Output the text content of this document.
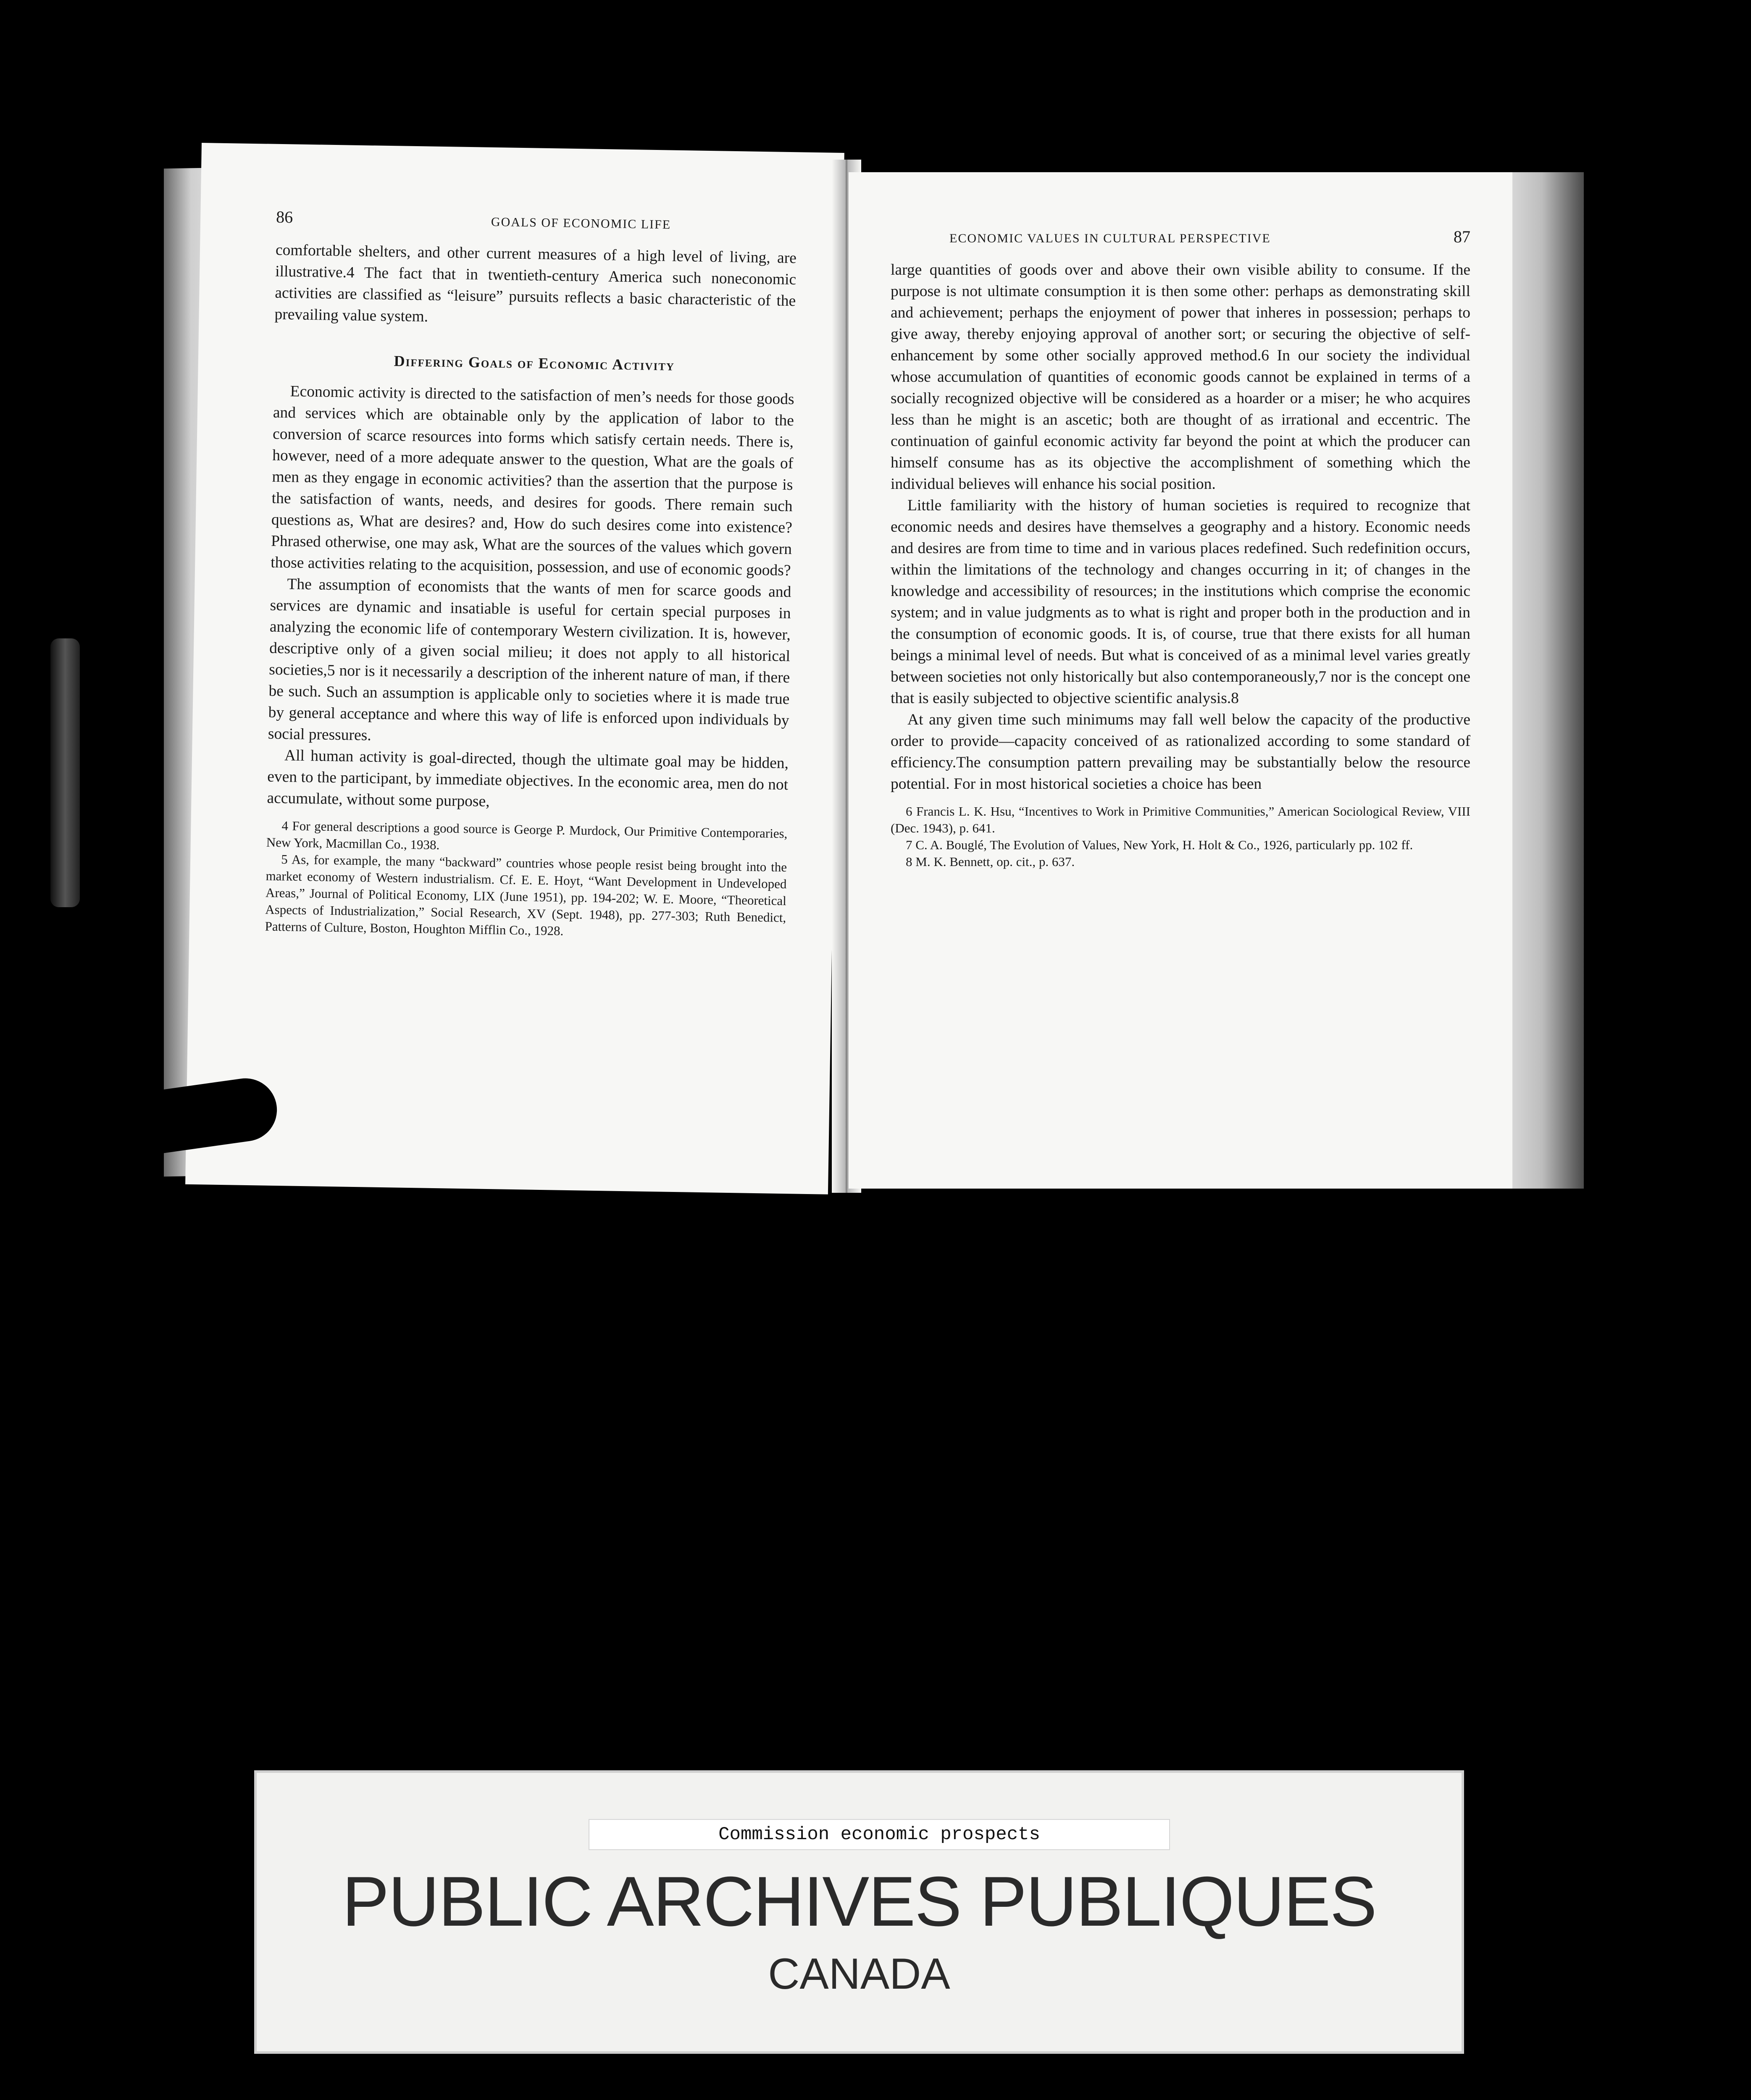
86	GOALS OF ECONOMIC LIFE

comfortable shelters, and other current measures of a high level of living, are illustrative.4 The fact that in twentieth-century America such noneconomic activities are classified as “leisure” pursuits reflects a basic characteristic of the prevailing value system.

Differing Goals of Economic Activity

Economic activity is directed to the satisfaction of men’s needs for those goods and services which are obtainable only by the application of labor to the conversion of scarce resources into forms which satisfy certain needs. There is, however, need of a more adequate answer to the question, What are the goals of men as they engage in economic activities? than the assertion that the purpose is the satisfaction of wants, needs, and desires for goods. There remain such questions as, What are desires? and, How do such desires come into existence? Phrased otherwise, one may ask, What are the sources of the values which govern those activities relating to the acquisition, possession, and use of economic goods?

The assumption of economists that the wants of men for scarce goods and services are dynamic and insatiable is useful for certain special purposes in analyzing the economic life of contemporary Western civilization. It is, however, descriptive only of a given social milieu; it does not apply to all historical societies,5 nor is it necessarily a description of the inherent nature of man, if there be such. Such an assumption is applicable only to societies where it is made true by general acceptance and where this way of life is enforced upon individuals by social pressures.

All human activity is goal-directed, though the ultimate goal may be hidden, even to the participant, by immediate objectives. In the economic area, men do not accumulate, without some purpose,

4 For general descriptions a good source is George P. Murdock, Our Primitive Contemporaries, New York, Macmillan Co., 1938.

5 As, for example, the many “backward” countries whose people resist being brought into the market economy of Western industrialism. Cf. E. E. Hoyt, “Want Development in Undeveloped Areas,” Journal of Political Economy, LIX (June 1951), pp. 194-202; W. E. Moore, “Theoretical Aspects of Industrialization,” Social Research, XV (Sept. 1948), pp. 277-303; Ruth Benedict, Patterns of Culture, Boston, Houghton Mifflin Co., 1928.

ECONOMIC VALUES IN CULTURAL PERSPECTIVE	87

large quantities of goods over and above their own visible ability to consume. If the purpose is not ultimate consumption it is then some other: perhaps as demonstrating skill and achievement; perhaps the enjoyment of power that inheres in possession; perhaps to give away, thereby enjoying approval of another sort; or securing the objective of self-enhancement by some other socially approved method.6 In our society the individual whose accumulation of quantities of economic goods cannot be explained in terms of a socially recognized objective will be considered as a hoarder or a miser; he who acquires less than he might is an ascetic; both are thought of as irrational and eccentric. The continuation of gainful economic activity far beyond the point at which the producer can himself consume has as its objective the accomplishment of something which the individual believes will enhance his social position.

Little familiarity with the history of human societies is required to recognize that economic needs and desires have themselves a geography and a history. Economic needs and desires are from time to time and in various places redefined. Such redefinition occurs, within the limitations of the technology and changes occurring in it; of changes in the knowledge and accessibility of resources; in the institutions which comprise the economic system; and in value judgments as to what is right and proper both in the production and in the consumption of economic goods. It is, of course, true that there exists for all human beings a minimal level of needs. But what is conceived of as a minimal level varies greatly between societies not only historically but also contemporaneously,7 nor is the concept one that is easily subjected to objective scientific analysis.8

At any given time such minimums may fall well below the capacity of the productive order to provide—capacity conceived of as rationalized according to some standard of efficiency.The consumption pattern prevailing may be substantially below the resource potential. For in most historical societies a choice has been

6 Francis L. K. Hsu, “Incentives to Work in Primitive Communities,” American Sociological Review, VIII (Dec. 1943), p. 641.

7 C. A. Bouglé, The Evolution of Values, New York, H. Holt & Co., 1926, particularly pp. 102 ff.

8 M. K. Bennett, op. cit., p. 637.

Commission economic prospects
PUBLIC ARCHIVES PUBLIQUES
CANADA
